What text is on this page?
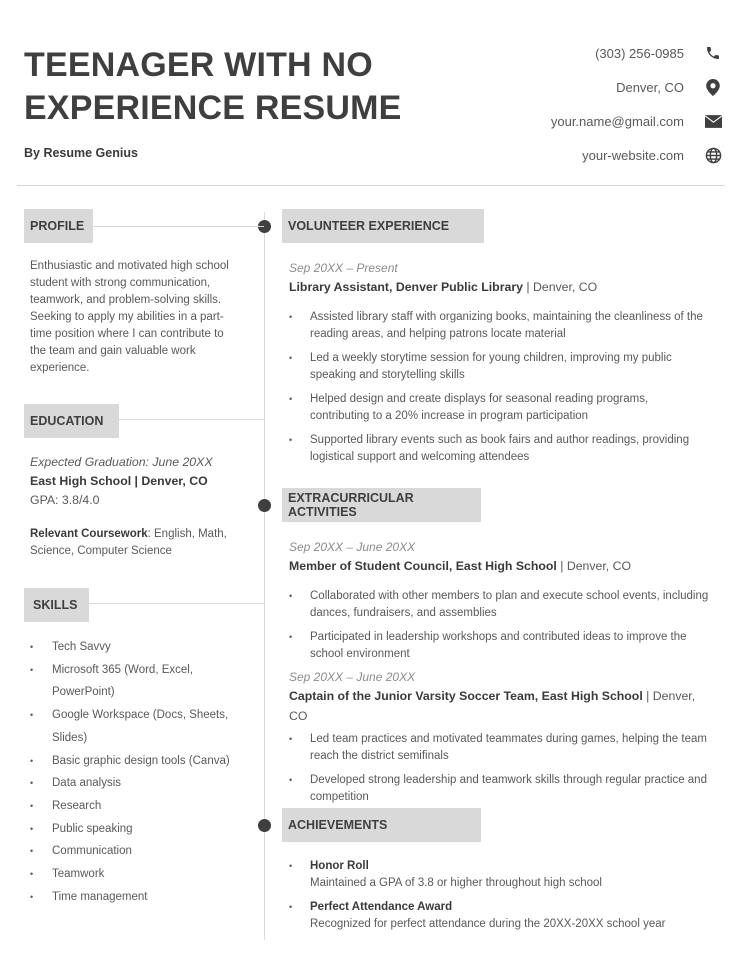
TEENAGER WITH NO
EXPERIENCE RESUME
By Resume Genius
(303) 256-0985
Denver, CO
your.name@gmail.com
your-website.com
PROFILE
Enthusiastic and motivated high school student with strong communication, teamwork, and problem-solving skills. Seeking to apply my abilities in a part-time position where I can contribute to the team and gain valuable work experience.
EDUCATION
Expected Graduation: June 20XX
East High School | Denver, CO
GPA: 3.8/4.0
Relevant Coursework: English, Math, Science, Computer Science
SKILLS
•	Tech Savvy
•	Microsoft 365 (Word, Excel, PowerPoint)
•	Google Workspace (Docs, Sheets, Slides)
•	Basic graphic design tools (Canva)
•	Data analysis
•	Research
•	Public speaking
•	Communication
•	Teamwork
•	Time management
VOLUNTEER EXPERIENCE
Sep 20XX – Present
Library Assistant, Denver Public Library | Denver, CO
•	Assisted library staff with organizing books, maintaining the cleanliness of the reading areas, and helping patrons locate material
•	Led a weekly storytime session for young children, improving my public speaking and storytelling skills
•	Helped design and create displays for seasonal reading programs, contributing to a 20% increase in program participation
•	Supported library events such as book fairs and author readings, providing logistical support and welcoming attendees
EXTRACURRICULAR ACTIVITIES
Sep 20XX – June 20XX
Member of Student Council, East High School | Denver, CO
•	Collaborated with other members to plan and execute school events, including dances, fundraisers, and assemblies
•	Participated in leadership workshops and contributed ideas to improve the school environment
Sep 20XX – June 20XX
Captain of the Junior Varsity Soccer Team, East High School | Denver, CO
•	Led team practices and motivated teammates during games, helping the team reach the district semifinals
•	Developed strong leadership and teamwork skills through regular practice and competition
ACHIEVEMENTS
•	Honor Roll
Maintained a GPA of 3.8 or higher throughout high school
•	Perfect Attendance Award
Recognized for perfect attendance during the 20XX-20XX school year
